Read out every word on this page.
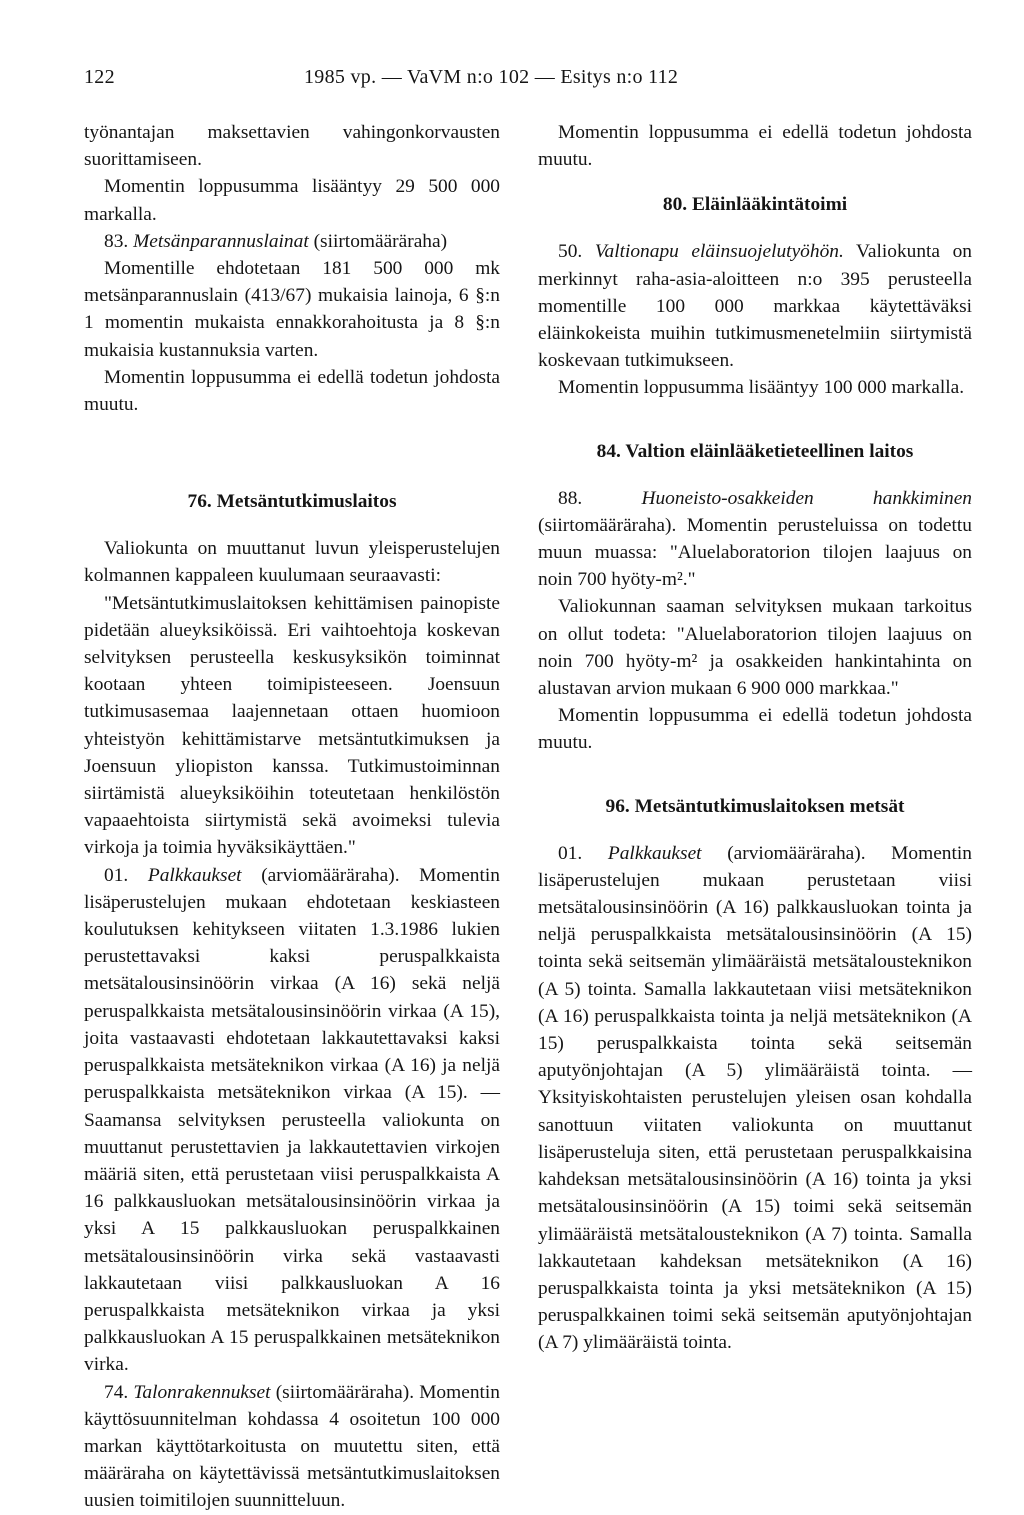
122	1985 vp. — VaVM n:o 102 — Esitys n:o 112

työnantajan maksettavien vahingonkorvausten suorittamiseen.

Momentin loppusumma lisääntyy 29 500 000 markalla.

83. Metsänparannuslainat (siirtomääräraha)

Momentille ehdotetaan 181 500 000 mk metsänparannuslain (413/67) mukaisia lainoja, 6 §:n 1 momentin mukaista ennakkorahoitusta ja 8 §:n mukaisia kustannuksia varten.

Momentin loppusumma ei edellä todetun johdosta muutu.

76. Metsäntutkimuslaitos

Valiokunta on muuttanut luvun yleisperustelujen kolmannen kappaleen kuulumaan seuraavasti:

"Metsäntutkimuslaitoksen kehittämisen painopiste pidetään alueyksiköissä. Eri vaihtoehtoja koskevan selvityksen perusteella keskusyksikön toiminnat kootaan yhteen toimipisteeseen. Joensuun tutkimusasemaa laajennetaan ottaen huomioon yhteistyön kehittämistarve metsäntutkimuksen ja Joensuun yliopiston kanssa. Tutkimustoiminnan siirtämistä alueyksiköihin toteutetaan henkilöstön vapaaehtoista siirtymistä sekä avoimeksi tulevia virkoja ja toimia hyväksikäyttäen."

01. Palkkaukset (arviomääräraha). Momentin lisäperustelujen mukaan ehdotetaan keskiasteen koulutuksen kehitykseen viitaten 1.3.1986 lukien perustettavaksi kaksi peruspalkkaista metsätalousinsinöörin virkaa (A 16) sekä neljä peruspalkkaista metsätalousinsinöörin virkaa (A 15), joita vastaavasti ehdotetaan lakkautettavaksi kaksi peruspalkkaista metsäteknikon virkaa (A 16) ja neljä peruspalkkaista metsäteknikon virkaa (A 15). — Saamansa selvityksen perusteella valiokunta on muuttanut perustettavien ja lakkautettavien virkojen määriä siten, että perustetaan viisi peruspalkkaista A 16 palkkausluokan metsätalousinsinöörin virkaa ja yksi A 15 palkkausluokan peruspalkkainen metsätalousinsinöörin virka sekä vastaavasti lakkautetaan viisi palkkausluokan A 16 peruspalkkaista metsäteknikon virkaa ja yksi palkkausluokan A 15 peruspalkkainen metsäteknikon virka.

74. Talonrakennukset (siirtomääräraha). Momentin käyttösuunnitelman kohdassa 4 osoitetun 100 000 markan käyttötarkoitusta on muutettu siten, että määräraha on käytettävissä metsäntutkimuslaitoksen uusien toimitilojen suunnitteluun.

Momentin loppusumma ei edellä todetun johdosta muutu.

80. Eläinlääkintätoimi

50. Valtionapu eläinsuojelutyöhön. Valiokunta on merkinnyt raha-asia-aloitteen n:o 395 perusteella momentille 100 000 markkaa käytettäväksi eläinkokeista muihin tutkimusmenetelmiin siirtymistä koskevaan tutkimukseen.

Momentin loppusumma lisääntyy 100 000 markalla.

84. Valtion eläinlääketieteellinen laitos

88.	Huoneisto-osakkeiden hankkiminen (siirtomääräraha). Momentin perusteluissa on todettu muun muassa: "Aluelaboratorion tilojen laajuus on noin 700 hyöty-m²."

Valiokunnan saaman selvityksen mukaan tarkoitus on ollut todeta: "Aluelaboratorion tilojen laajuus on noin 700 hyöty-m² ja osakkeiden hankintahinta on alustavan arvion mukaan 6 900 000 markkaa."

Momentin loppusumma ei edellä todetun johdosta muutu.

96. Metsäntutkimuslaitoksen metsät

01. Palkkaukset (arviomääräraha). Momentin lisäperustelujen mukaan perustetaan viisi metsätalousinsinöörin (A 16) palkkausluokan tointa ja neljä peruspalkkaista metsätalousinsinöörin (A 15) tointa sekä seitsemän ylimääräistä metsätalousteknikon (A 5) tointa. Samalla lakkautetaan viisi metsäteknikon (A 16) peruspalkkaista tointa ja neljä metsäteknikon (A 15) peruspalkkaista tointa sekä seitsemän aputyönjohtajan (A 5) ylimääräistä tointa. — Yksityiskohtaisten perustelujen yleisen osan kohdalla sanottuun viitaten valiokunta on muuttanut lisäperusteluja siten, että perustetaan peruspalkkaisina kahdeksan metsätalousinsinöörin (A 16) tointa ja yksi metsätalousinsinöörin (A 15) toimi sekä seitsemän ylimääräistä metsätalousteknikon (A 7) tointa. Samalla lakkautetaan kahdeksan metsäteknikon (A 16) peruspalkkaista tointa ja yksi metsäteknikon (A 15) peruspalkkainen toimi sekä seitsemän aputyönjohtajan (A 7) ylimääräistä tointa.
